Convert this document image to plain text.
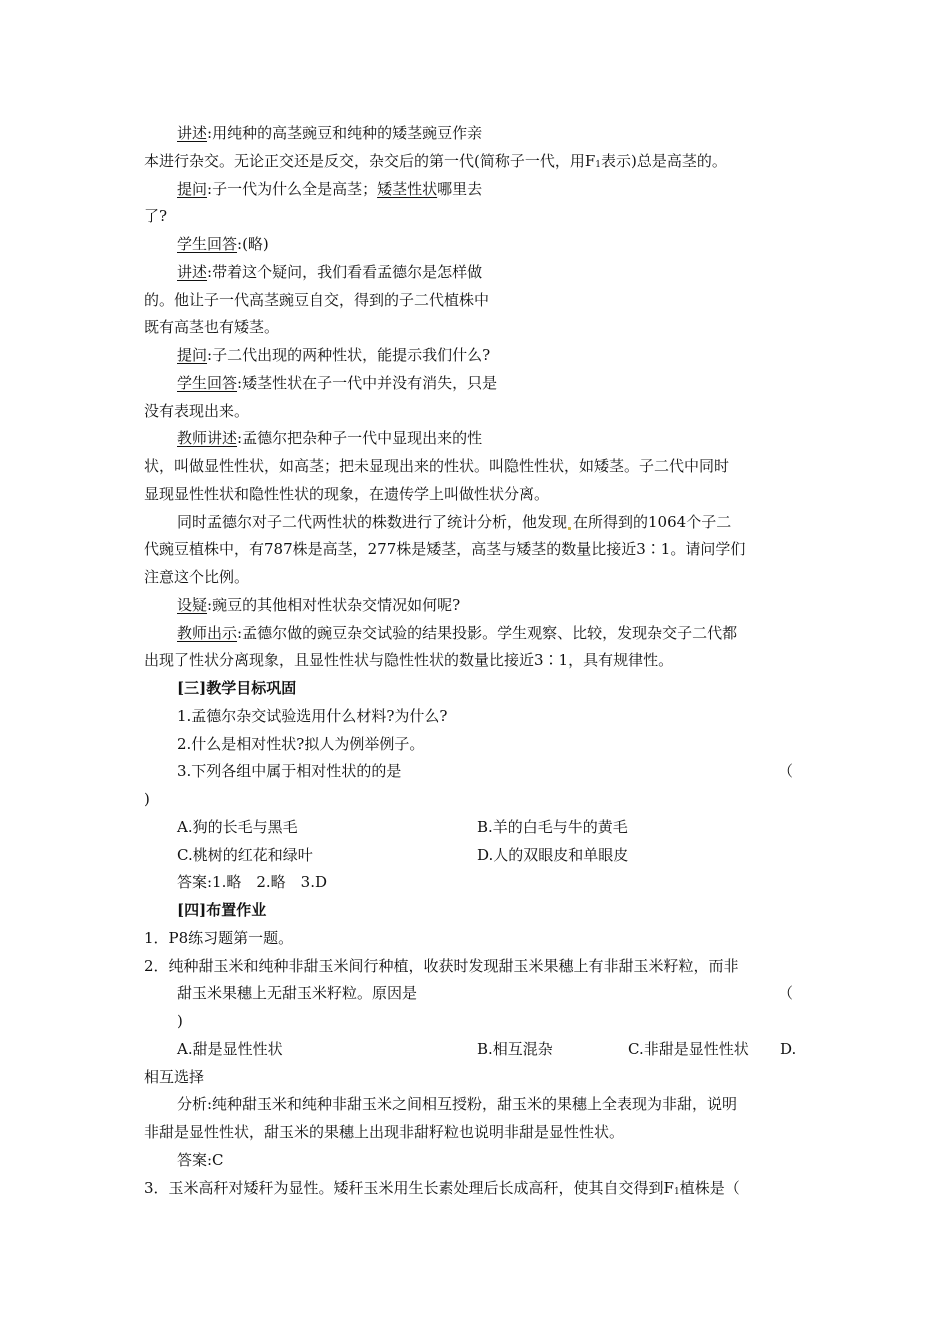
讲述:用纯种的高茎豌豆和纯种的矮茎豌豆作亲
本进行杂交。无论正交还是反交，杂交后的第一代(简称子一代，用$F_1$表示)总是高茎的。
提问:子一代为什么全是高茎；矮茎性状哪里去
了?
学生回答:(略)
讲述:带着这个疑问，我们看看孟德尔是怎样做
的。他让子一代高茎豌豆自交，得到的子二代植株中
既有高茎也有矮茎。
提问:子二代出现的两种性状，能提示我们什么?
学生回答:矮茎性状在子一代中并没有消失，只是
没有表现出来。
教师讲述:孟德尔把杂种子一代中显现出来的性
状，叫做显性性状，如高茎；把未显现出来的性状。叫隐性性状，如矮茎。子二代中同时
显现显性性状和隐性性状的现象，在遗传学上叫做性状分离。
同时孟德尔对子二代两性状的株数进行了统计分析，他发现 在所得到的1064个子二
代豌豆植株中，有787株是高茎，277株是矮茎，高茎与矮茎的数量比接近3∶1。请问学们
注意这个比例。
设疑:豌豆的其他相对性状杂交情况如何呢?
教师出示:孟德尔做的豌豆杂交试验的结果投影。学生观察、比较，发现杂交子二代都
出现了性状分离现象，且显性性状与隐性性状的数量比接近3∶1，具有规律性。
[三]教学目标巩固
1.孟德尔杂交试验选用什么材料?为什么?
2.什么是相对性状?拟人为例举例子。
3.下列各组中属于相对性状的的是	（
)
A.狗的长毛与黑毛	B.羊的白毛与牛的黄毛
C.桃树的红花和绿叶	D.人的双眼皮和单眼皮
答案:1.略　2.略　3.D
[四]布置作业
1．P8练习题第一题。
2．纯种甜玉米和纯种非甜玉米间行种植，收获时发现甜玉米果穗上有非甜玉米籽粒，而非
甜玉米果穗上无甜玉米籽粒。原因是	（
)
A.甜是显性性状	B.相互混杂	C.非甜是显性性状 D.
相互选择
分析:纯种甜玉米和纯种非甜玉米之间相互授粉，甜玉米的果穗上全表现为非甜，说明
非甜是显性性状，甜玉米的果穗上出现非甜籽粒也说明非甜是显性性状。
答案:C
3．玉米高秆对矮秆为显性。矮秆玉米用生长素处理后长成高秆，使其自交得到$F_1$植株是（
